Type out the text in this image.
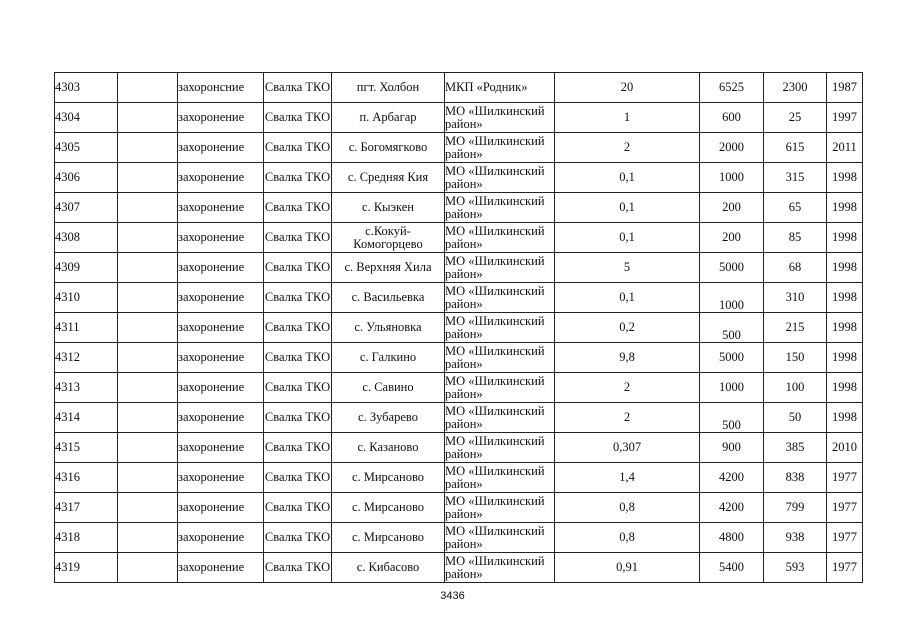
4303		захоронсние	Свалка ТКО	пгт. Холбон	МКП «Родник»	20	6525	2300	1987
4304		захоронение	Свалка ТКО	п. Арбагар	МО «Шилкинский район»	1	600	25	1997
4305		захоронение	Свалка ТКО	с. Богомягково	МО «Шилкинский район»	2	2000	615	2011
4306		захоронение	Свалка ТКО	с. Средняя Кия	МО «Шилкинский район»	0,1	1000	315	1998
4307		захоронение	Свалка ТКО	с. Кыэкен	МО «Шилкинский район»	0,1	200	65	1998
4308		захоронение	Свалка ТКО	с.Кокуй-Комогорцево	МО «Шилкинский район»	0,1	200	85	1998
4309		захоронение	Свалка ТКО	с. Верхняя Хила	МО «Шилкинский район»	5	5000	68	1998
4310		захоронение	Свалка ТКО	с. Васильевка	МО «Шилкинский район»	0,1	1000	310	1998
4311		захоронение	Свалка ТКО	с. Ульяновка	МО «Шилкинский район»	0,2	500	215	1998
4312		захоронение	Свалка ТКО	с. Галкино	МО «Шилкинский район»	9,8	5000	150	1998
4313		захоронение	Свалка ТКО	с. Савино	МО «Шилкинский район»	2	1000	100	1998
4314		захоронение	Свалка ТКО	с. Зубарево	МО «Шилкинский район»	2	500	50	1998
4315		захоронение	Свалка ТКО	с. Казаново	МО «Шилкинский район»	0,307	900	385	2010
4316		захоронение	Свалка ТКО	с. Мирсаново	МО «Шилкинский район»	1,4	4200	838	1977
4317		захоронение	Свалка ТКО	с. Мирсаново	МО «Шилкинский район»	0,8	4200	799	1977
4318		захоронение	Свалка ТКО	с. Мирсаново	МО «Шилкинский район»	0,8	4800	938	1977
4319		захоронение	Свалка ТКО	с. Кибасово	МО «Шилкинский район»	0,91	5400	593	1977
3436
